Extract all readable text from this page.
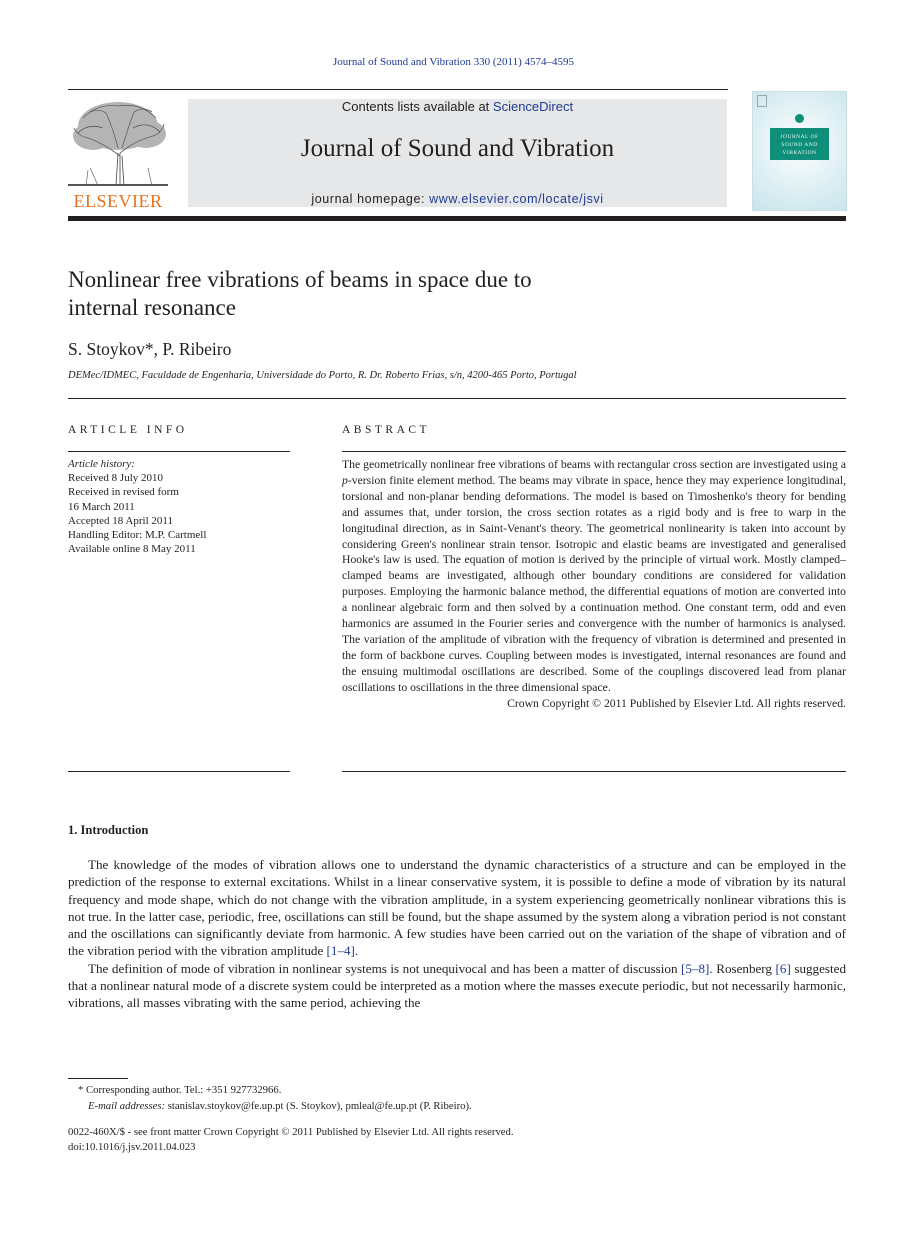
Journal of Sound and Vibration 330 (2011) 4574–4595
ELSEVIER
Contents lists available at ScienceDirect
Journal of Sound and Vibration
journal homepage: www.elsevier.com/locate/jsvi
JOURNAL OF
SOUND AND
VIBRATION
Nonlinear free vibrations of beams in space due to
internal resonance
S. Stoykov*, P. Ribeiro
DEMec/IDMEC, Faculdade de Engenharia, Universidade do Porto, R. Dr. Roberto Frias, s/n, 4200-465 Porto, Portugal
ARTICLE INFO	ABSTRACT
Article history:
Received 8 July 2010
Received in revised form
16 March 2011
Accepted 18 April 2011
Handling Editor: M.P. Cartmell
Available online 8 May 2011

The geometrically nonlinear free vibrations of beams with rectangular cross section are investigated using a p-version finite element method. The beams may vibrate in space, hence they may experience longitudinal, torsional and non-planar bending deformations. The model is based on Timoshenko's theory for bending and assumes that, under torsion, the cross section rotates as a rigid body and is free to warp in the longitudinal direction, as in Saint-Venant's theory. The geometrical nonlinearity is taken into account by considering Green's nonlinear strain tensor. Isotropic and elastic beams are investigated and generalised Hooke's law is used. The equation of motion is derived by the principle of virtual work. Mostly clamped–clamped beams are investigated, although other boundary conditions are considered for validation purposes. Employing the harmonic balance method, the differential equations of motion are converted into a nonlinear algebraic form and then solved by a continuation method. One constant term, odd and even harmonics are assumed in the Fourier series and convergence with the number of harmonics is analysed. The variation of the amplitude of vibration with the frequency of vibration is determined and presented in the form of backbone curves. Coupling between modes is investigated, internal resonances are found and the ensuing multimodal oscillations are described. Some of the couplings discovered lead from planar oscillations to oscillations in the three dimensional space.

Crown Copyright © 2011 Published by Elsevier Ltd. All rights reserved.

1. Introduction

The knowledge of the modes of vibration allows one to understand the dynamic characteristics of a structure and can be employed in the prediction of the response to external excitations. Whilst in a linear conservative system, it is possible to define a mode of vibration by its natural frequency and mode shape, which do not change with the vibration amplitude, in a system experiencing geometrically nonlinear vibrations this is not true. In the latter case, periodic, free, oscillations can still be found, but the shape assumed by the system along a vibration period is not constant and the oscillations can significantly deviate from harmonic. A few studies have been carried out on the variation of the shape of vibration and of the vibration period with the vibration amplitude [1–4].

The definition of mode of vibration in nonlinear systems is not unequivocal and has been a matter of discussion [5–8]. Rosenberg [6] suggested that a nonlinear natural mode of a discrete system could be interpreted as a motion where the masses execute periodic, but not necessarily harmonic, vibrations, all masses vibrating with the same period, achieving the

* Corresponding author. Tel.: +351 927732966.
E-mail addresses: stanislav.stoykov@fe.up.pt (S. Stoykov), pmleal@fe.up.pt (P. Ribeiro).
0022-460X/$ - see front matter Crown Copyright © 2011 Published by Elsevier Ltd. All rights reserved.
doi:10.1016/j.jsv.2011.04.023
